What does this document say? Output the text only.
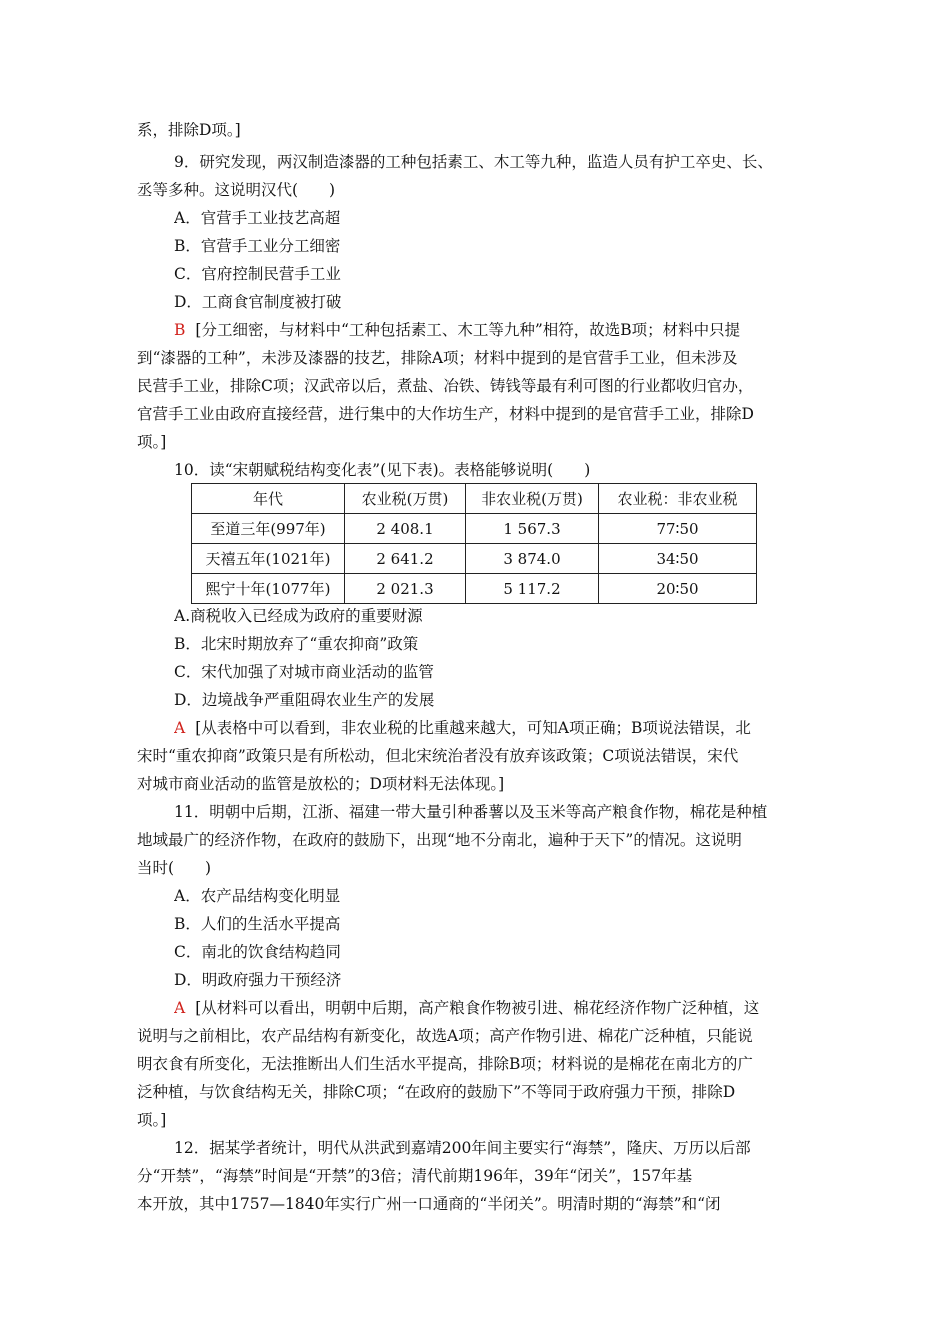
系，排除D项。]
9．研究发现，两汉制造漆器的工种包括素工、木工等九种，监造人员有护工卒史、长、
丞等多种。这说明汉代(　　)
A．官营手工业技艺高超
B．官营手工业分工细密
C．官府控制民营手工业
D．工商食官制度被打破
B [分工细密，与材料中“工种包括素工、木工等九种”相符，故选B项；材料中只提
到“漆器的工种”，未涉及漆器的技艺，排除A项；材料中提到的是官营手工业，但未涉及
民营手工业，排除C项；汉武帝以后，煮盐、冶铁、铸钱等最有利可图的行业都收归官办，
官营手工业由政府直接经营，进行集中的大作坊生产，材料中提到的是官营手工业，排除D
项。]
10．读“宋朝赋税结构变化表”(见下表)。表格能够说明(　　)
年代	农业税(万贯)	非农业税(万贯)	农业税：非农业税
至道三年(997年)	2 408.1	1 567.3	77∶50
天禧五年(1021年)	2 641.2	3 874.0	34∶50
熙宁十年(1077年)	2 021.3	5 117.2	20∶50
A.商税收入已经成为政府的重要财源
B．北宋时期放弃了“重农抑商”政策
C．宋代加强了对城市商业活动的监管
D．边境战争严重阻碍农业生产的发展
A [从表格中可以看到，非农业税的比重越来越大，可知A项正确；B项说法错误，北
宋时“重农抑商”政策只是有所松动，但北宋统治者没有放弃该政策；C项说法错误，宋代
对城市商业活动的监管是放松的；D项材料无法体现。]
11．明朝中后期，江浙、福建一带大量引种番薯以及玉米等高产粮食作物，棉花是种植
地域最广的经济作物，在政府的鼓励下，出现“地不分南北，遍种于天下”的情况。这说明
当时(　　)
A．农产品结构变化明显
B．人们的生活水平提高
C．南北的饮食结构趋同
D．明政府强力干预经济
A [从材料可以看出，明朝中后期，高产粮食作物被引进、棉花经济作物广泛种植，这
说明与之前相比，农产品结构有新变化，故选A项；高产作物引进、棉花广泛种植，只能说
明衣食有所变化，无法推断出人们生活水平提高，排除B项；材料说的是棉花在南北方的广
泛种植，与饮食结构无关，排除C项；“在政府的鼓励下”不等同于政府强力干预，排除D
项。]
12．据某学者统计，明代从洪武到嘉靖200年间主要实行“海禁”，隆庆、万历以后部
分“开禁”，“海禁”时间是“开禁”的3倍；清代前期196年，39年“闭关”，157年基
本开放，其中1757—1840年实行广州一口通商的“半闭关”。明清时期的“海禁”和“闭
